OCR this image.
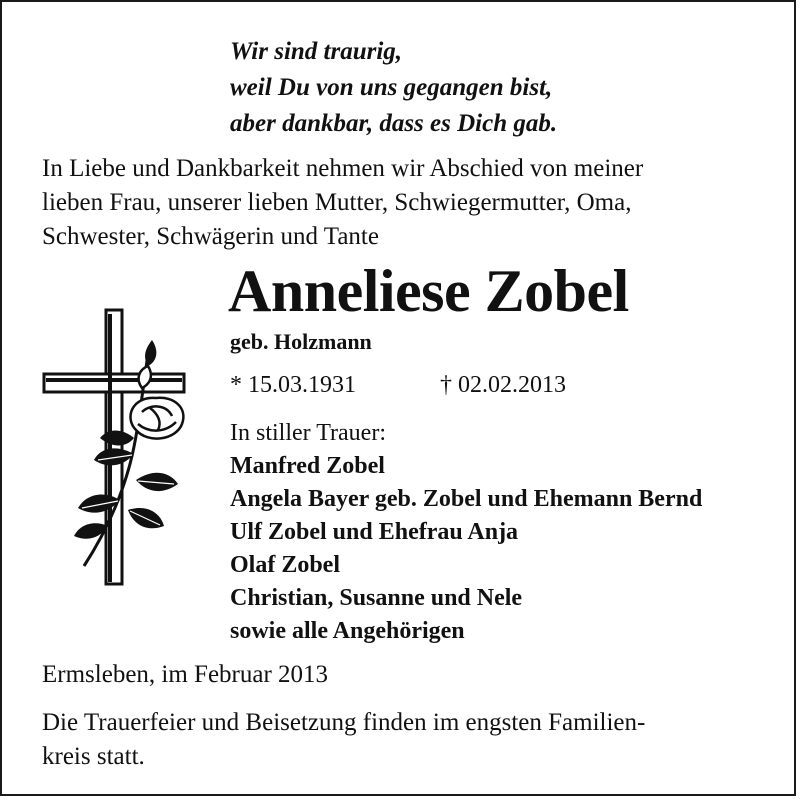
Wir sind traurig,
weil Du von uns gegangen bist,
aber dankbar, dass es Dich gab.
In Liebe und Dankbarkeit nehmen wir Abschied von meiner
lieben Frau, unserer lieben Mutter, Schwiegermutter, Oma,
Schwester, Schwägerin und Tante
Anneliese Zobel
geb. Holzmann
* 15.03.1931	† 02.02.2013
In stiller Trauer:
Manfred Zobel
Angela Bayer geb. Zobel und Ehemann Bernd
Ulf Zobel und Ehefrau Anja
Olaf Zobel
Christian, Susanne und Nele
sowie alle Angehörigen
Ermsleben, im Februar 2013
Die Trauerfeier und Beisetzung finden im engsten Familien-
kreis statt.
